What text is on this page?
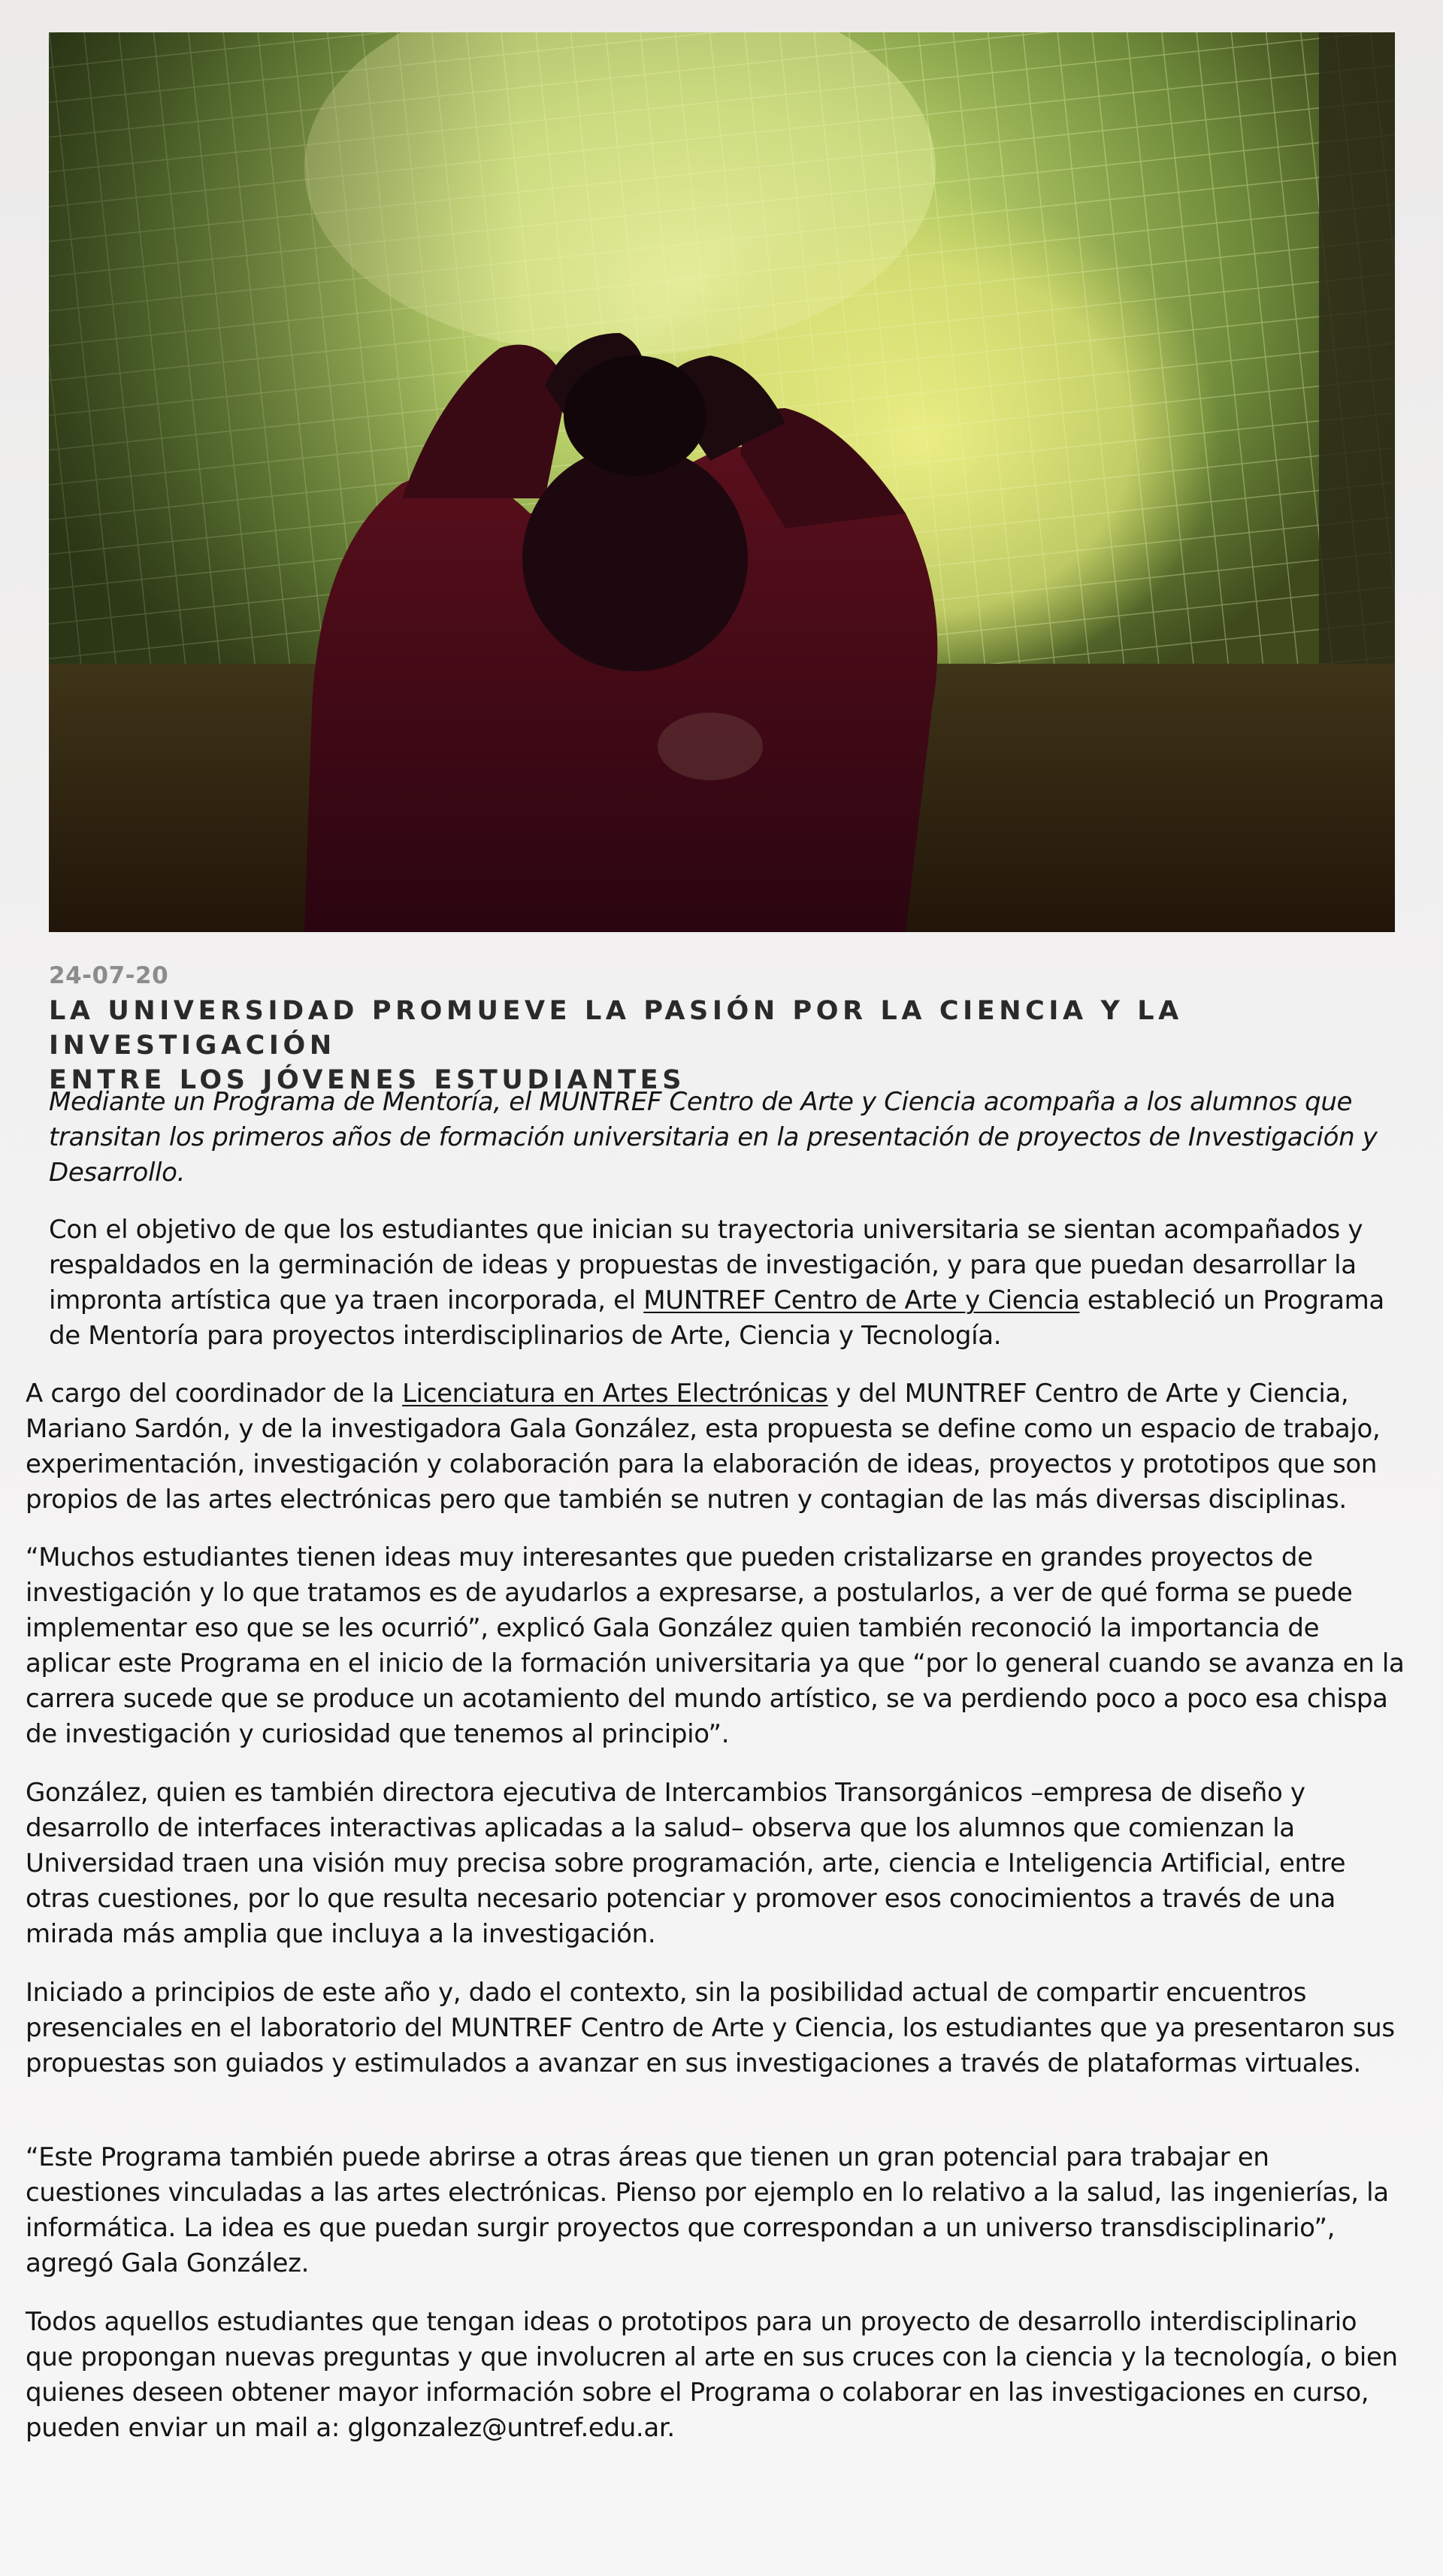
24-07-20
LA UNIVERSIDAD PROMUEVE LA PASIÓN POR LA CIENCIA Y LA INVESTIGACIÓN
ENTRE LOS JÓVENES ESTUDIANTES

Mediante un Programa de Mentoría, el MUNTREF Centro de Arte y Ciencia acompaña a los alumnos que transitan los primeros años de formación universitaria en la presentación de proyectos de Investigación y Desarrollo.

Con el objetivo de que los estudiantes que inician su trayectoria universitaria se sientan acompañados y respaldados en la germinación de ideas y propuestas de investigación, y para que puedan desarrollar la impronta artística que ya traen incorporada, el MUNTREF Centro de Arte y Ciencia estableció un Programa de Mentoría para proyectos interdisciplinarios de Arte, Ciencia y Tecnología.

A cargo del coordinador de la Licenciatura en Artes Electrónicas y del MUNTREF Centro de Arte y Ciencia, Mariano Sardón, y de la investigadora Gala González, esta propuesta se define como un espacio de trabajo, experimentación, investigación y colaboración para la elaboración de ideas, proyectos y prototipos que son propios de las artes electrónicas pero que también se nutren y contagian de las más diversas disciplinas.

“Muchos estudiantes tienen ideas muy interesantes que pueden cristalizarse en grandes proyectos de investigación y lo que tratamos es de ayudarlos a expresarse, a postularlos, a ver de qué forma se puede implementar eso que se les ocurrió”, explicó Gala González quien también reconoció la importancia de aplicar este Programa en el inicio de la formación universitaria ya que “por lo general cuando se avanza en la carrera sucede que se produce un acotamiento del mundo artístico, se va perdiendo poco a poco esa chispa de investigación y curiosidad que tenemos al principio”.

González, quien es también directora ejecutiva de Intercambios Transorgánicos –empresa de diseño y desarrollo de interfaces interactivas aplicadas a la salud– observa que los alumnos que comienzan la Universidad traen una visión muy precisa sobre programación, arte, ciencia e Inteligencia Artificial, entre otras cuestiones, por lo que resulta necesario potenciar y promover esos conocimientos a través de una mirada más amplia que incluya a la investigación.

Iniciado a principios de este año y, dado el contexto, sin la posibilidad actual de compartir encuentros presenciales en el laboratorio del MUNTREF Centro de Arte y Ciencia, los estudiantes que ya presentaron sus propuestas son guiados y estimulados a avanzar en sus investigaciones a través de plataformas virtuales.

“Este Programa también puede abrirse a otras áreas que tienen un gran potencial para trabajar en cuestiones vinculadas a las artes electrónicas. Pienso por ejemplo en lo relativo a la salud, las ingenierías, la informática. La idea es que puedan surgir proyectos que correspondan a un universo transdisciplinario”, agregó Gala González.

Todos aquellos estudiantes que tengan ideas o prototipos para un proyecto de desarrollo interdisciplinario que propongan nuevas preguntas y que involucren al arte en sus cruces con la ciencia y la tecnología, o bien quienes deseen obtener mayor información sobre el Programa o colaborar en las investigaciones en curso, pueden enviar un mail a: glgonzalez@untref.edu.ar.
